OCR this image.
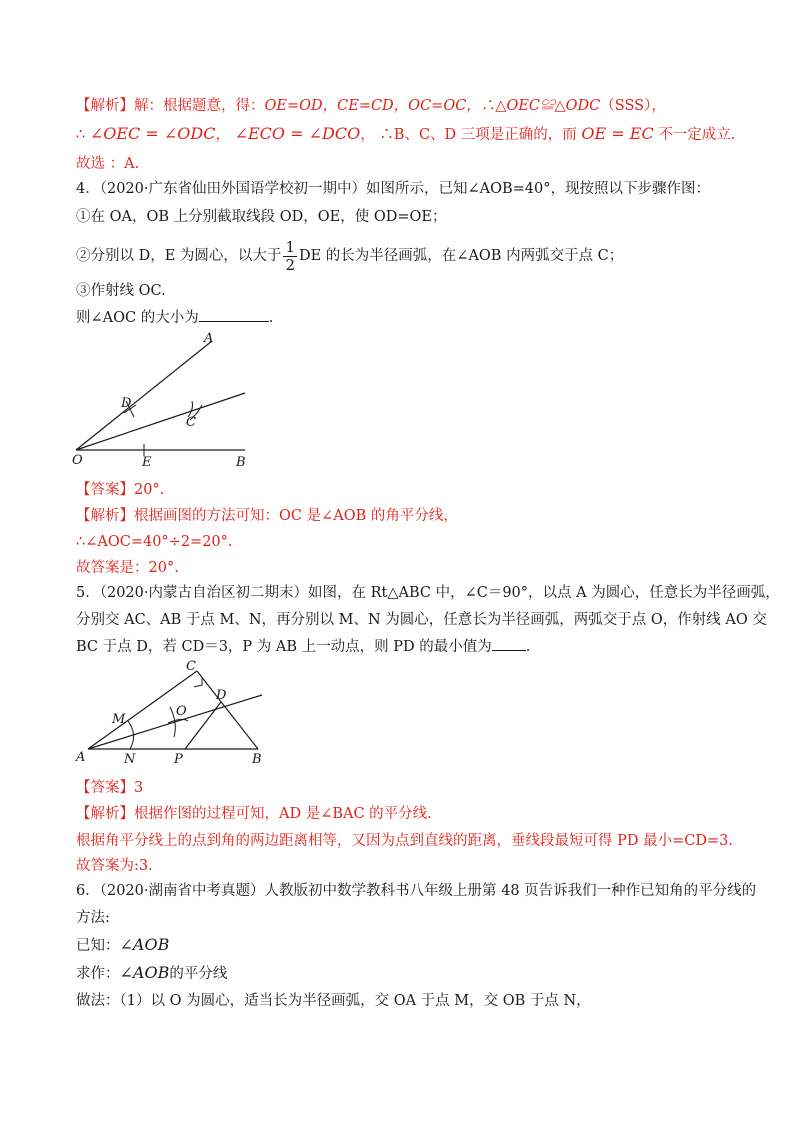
【解析】解：根据题意，得：OE=OD，CE=CD，OC=OC，∴△OEC≌△ODC（SSS），
∴ ∠OEC = ∠ODC， ∠ECO = ∠DCO， ∴B、C、D 三项是正确的，而 OE = EC 不一定成立.
故选 ：A.
4．（2020·广东省仙田外国语学校初一期中）如图所示，已知∠AOB=40°，现按照以下步骤作图：
①在 OA，OB 上分别截取线段 OD，OE，使 OD=OE；
②分别以 D，E 为圆心，以大于 $\frac{1}{2}$ DE 的长为半径画弧，在∠AOB 内两弧交于点 C；
③作射线 OC.
则∠AOC 的大小为	.
A
D
C
O	E	B
【答案】20°.
【解析】根据画图的方法可知：OC 是∠AOB 的角平分线，
∴∠AOC=40°÷2=20°.
故答案是：20°.
5．（2020·内蒙古自治区初二期末）如图，在 Rt△ABC 中，∠C＝90°，以点 A 为圆心，任意长为半径画弧，
分别交 AC、AB 于点 M、N，再分别以 M、N 为圆心，任意长为半径画弧，两弧交于点 O，作射线 AO 交
BC 于点 D，若 CD＝3，P 为 AB 上一动点，则 PD 的最小值为 .
C
D
M
O
A	N	P	B
【答案】3
【解析】根据作图的过程可知，AD 是∠BAC 的平分线.
根据角平分线上的点到角的两边距离相等，又因为点到直线的距离，垂线段最短可得 PD 最小=CD=3.
故答案为:3.
6．（2020·湖南省中考真题）人教版初中数学教科书八年级上册第 48 页告诉我们一种作已知角的平分线的
方法:
已知：∠AOB
求作：∠AOB的平分线
做法：（1）以 O 为圆心，适当长为半径画弧，交 OA 于点 M，交 OB 于点 N，
